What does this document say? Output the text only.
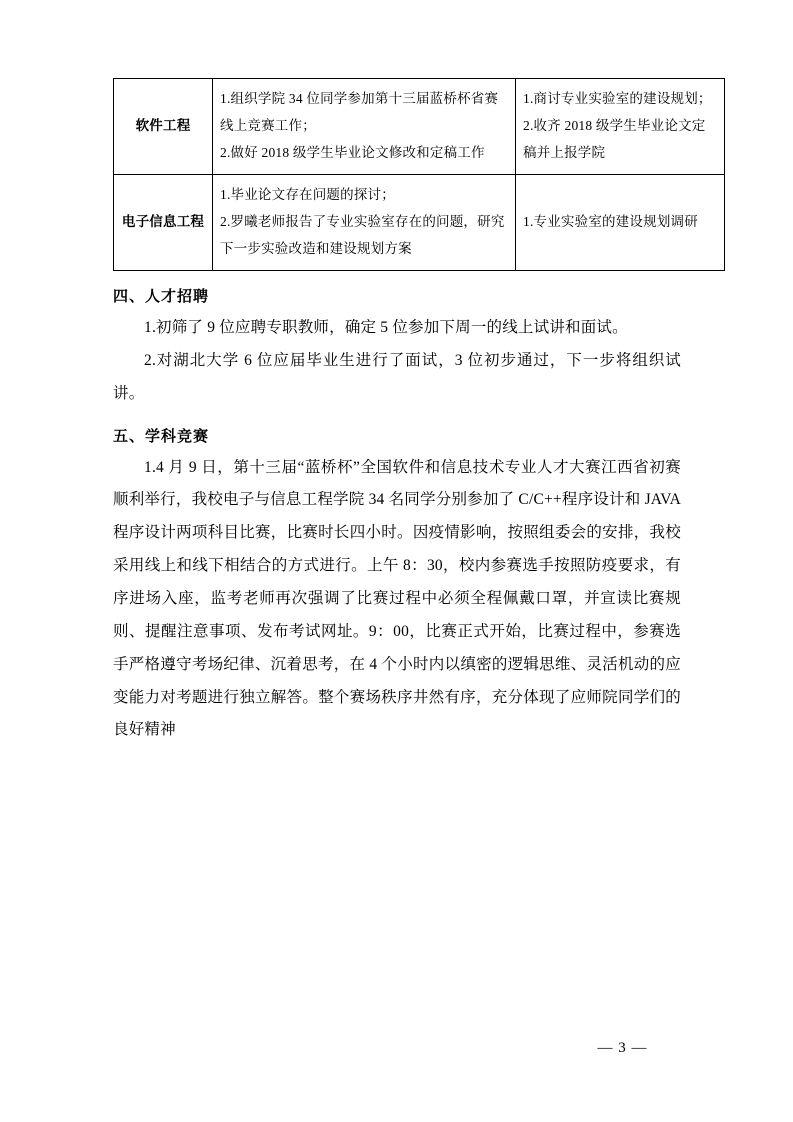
软件工程	1.组织学院 34 位同学参加第十三届蓝桥杯省赛线上竞赛工作；
2.做好 2018 级学生毕业论文修改和定稿工作	1.商讨专业实验室的建设规划；
2.收齐 2018 级学生毕业论文定稿并上报学院

电子信息工程	1.毕业论文存在问题的探讨；
2.罗曦老师报告了专业实验室存在的问题，研究下一步实验改造和建设规划方案	1.专业实验室的建设规划调研
四、人才招聘

1.初筛了 9 位应聘专职教师，确定 5 位参加下周一的线上试讲和面试。

2.对湖北大学 6 位应届毕业生进行了面试，3 位初步通过，下一步将组织试讲。

五、学科竞赛

1.4 月 9 日，第十三届“蓝桥杯”全国软件和信息技术专业人才大赛江西省初赛顺利举行，我校电子与信息工程学院 34 名同学分别参加了 C/C++程序设计和 JAVA 程序设计两项科目比赛，比赛时长四小时。因疫情影响，按照组委会的安排，我校采用线上和线下相结合的方式进行。上午 8：30，校内参赛选手按照防疫要求，有序进场入座，监考老师再次强调了比赛过程中必须全程佩戴口罩，并宣读比赛规则、提醒注意事项、发布考试网址。9：00，比赛正式开始，比赛过程中，参赛选手严格遵守考场纪律、沉着思考，在 4 个小时内以缜密的逻辑思维、灵活机动的应变能力对考题进行独立解答。整个赛场秩序井然有序，充分体现了应师院同学们的良好精神

— 3 —
